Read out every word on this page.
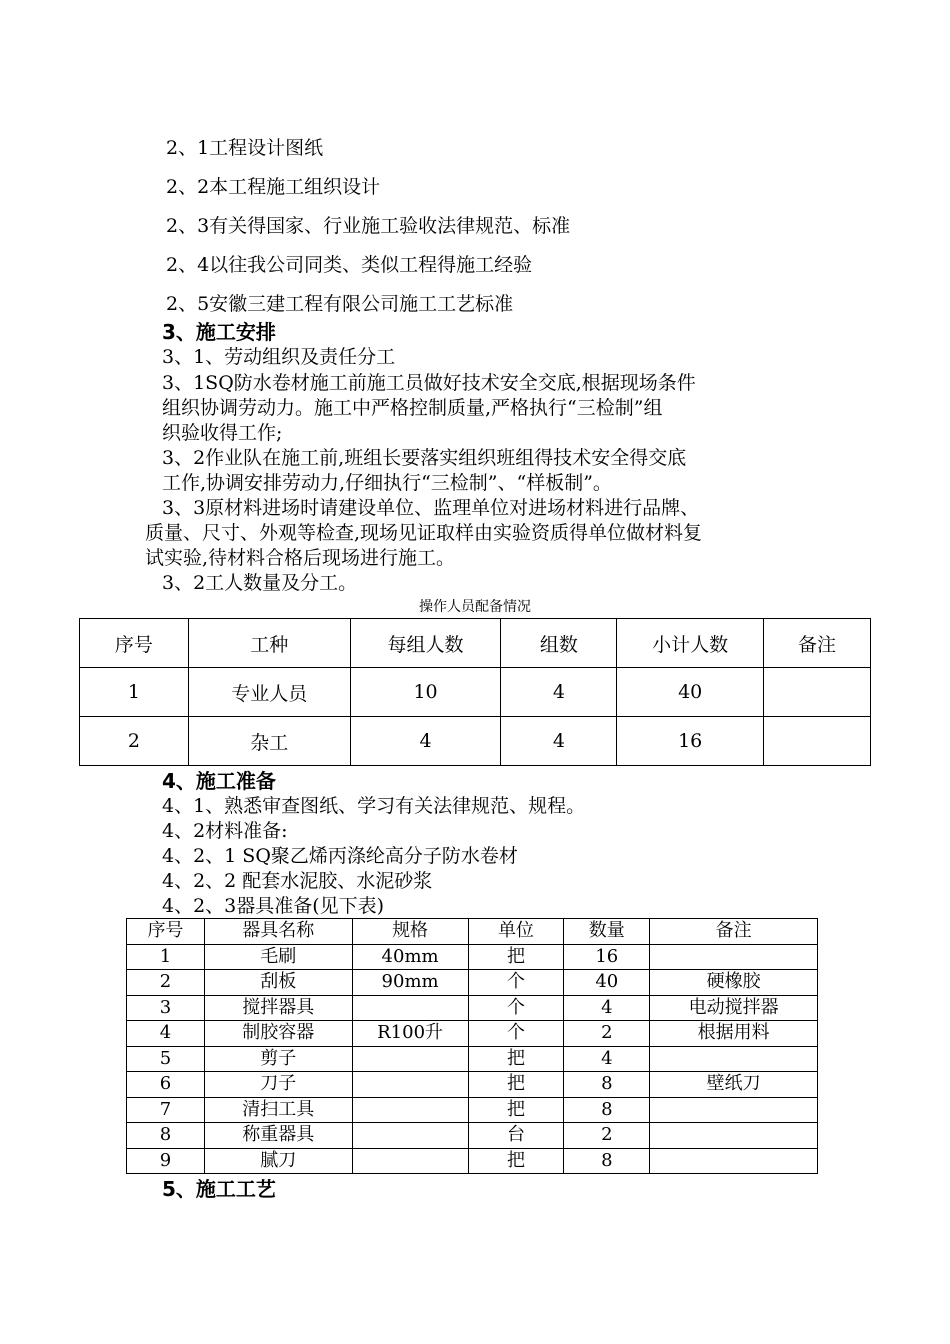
2、1工程设计图纸
2、2本工程施工组织设计
2、3有关得国家、行业施工验收法律规范、标准
2、4以往我公司同类、类似工程得施工经验
2、5安徽三建工程有限公司施工工艺标准
3、施工安排
3、1、劳动组织及责任分工
3、1SQ防水卷材施工前施工员做好技术安全交底,根据现场条件
组织协调劳动力。施工中严格控制质量,严格执行“三检制”组
织验收得工作;
3、2作业队在施工前,班组长要落实组织班组得技术安全得交底
工作,协调安排劳动力,仔细执行“三检制”、“样板制”。
3、3原材料进场时请建设单位、监理单位对进场材料进行品牌、
质量、尺寸、外观等检查,现场见证取样由实验资质得单位做材料复
试实验,待材料合格后现场进行施工。
3、2工人数量及分工。
操作人员配备情况
序号	工种	每组人数	组数	小计人数	备注
1	专业人员	10	4	40	
2	杂工	4	4	16	
4、施工准备
4、1、熟悉审查图纸、学习有关法律规范、规程。
4、2材料准备:
4、2、1 SQ聚乙烯丙涤纶高分子防水卷材
4、2、2 配套水泥胶、水泥砂浆
4、2、3器具准备(见下表)
序号	器具名称	规格	单位	数量	备注
1	毛刷	40mm	把	16	
2	刮板	90mm	个	40	硬橡胶
3	搅拌器具		个	4	电动搅拌器
4	制胶容器	R100升	个	2	根据用料
5	剪子		把	4	
6	刀子		把	8	壁纸刀
7	清扫工具		把	8	
8	称重器具		台	2	
9	腻刀		把	8	
5、施工工艺
